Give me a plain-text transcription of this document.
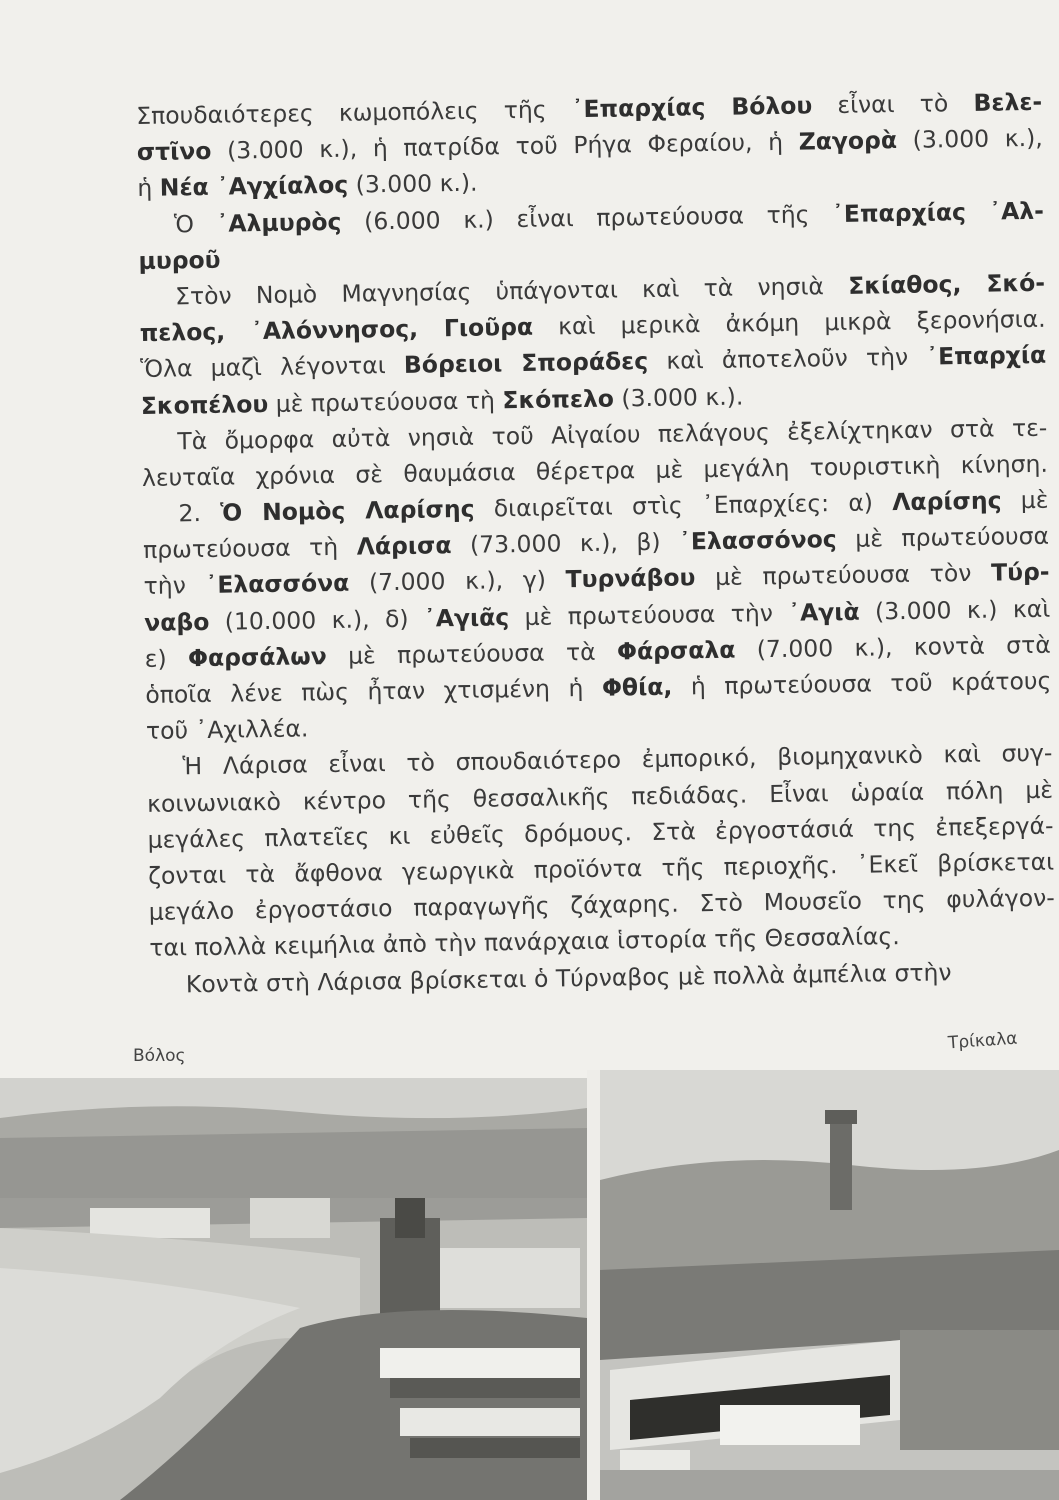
Σπουδαιότερες κωμοπόλεις τῆς ᾿Επαρχίας Βόλου εἶναι τὸ Βελε-
στῖνο (3.000 κ.), ἡ πατρίδα τοῦ Ρήγα Φεραίου, ἡ Ζαγορὰ (3.000 κ.),
ἡ Νέα ᾿Αγχίαλος (3.000 κ.).
Ὁ ᾿Αλμυρὸς (6.000 κ.) εἶναι πρωτεύουσα τῆς ᾿Επαρχίας ᾿Αλ-
μυροῦ
Στὸν Νομὸ Μαγνησίας ὑπάγονται καὶ τὰ νησιὰ Σκίαθος, Σκό-
πελος, ᾿Αλόννησος, Γιοῦρα καὶ μερικὰ ἀκόμη μικρὰ ξερονήσια.
Ὅλα μαζὶ λέγονται Βόρειοι Σποράδες καὶ ἀποτελοῦν τὴν ᾿Επαρχία
Σκοπέλου μὲ πρωτεύουσα τὴ Σκόπελο (3.000 κ.).
Τὰ ὄμορφα αὐτὰ νησιὰ τοῦ Αἰγαίου πελάγους ἐξελίχτηκαν στὰ τε-
λευταῖα χρόνια σὲ θαυμάσια θέρετρα μὲ μεγάλη τουριστικὴ κίνηση.
2. Ὁ Νομὸς Λαρίσης διαιρεῖται στὶς ᾿Επαρχίες: α) Λαρίσης μὲ
πρωτεύουσα τὴ Λάρισα (73.000 κ.), β) ᾿Ελασσόνος μὲ πρωτεύουσα
τὴν ᾿Ελασσόνα (7.000 κ.), γ) Τυρνάβου μὲ πρωτεύουσα τὸν Τύρ-
ναβο (10.000 κ.), δ) ᾿Αγιᾶς μὲ πρωτεύουσα τὴν ᾿Αγιὰ (3.000 κ.) καὶ
ε) Φαρσάλων μὲ πρωτεύουσα τὰ Φάρσαλα (7.000 κ.), κοντὰ στὰ
ὁποῖα λένε πὼς ἦταν χτισμένη ἡ Φθία, ἡ πρωτεύουσα τοῦ κράτους
τοῦ ᾿Αχιλλέα.
Ἡ Λάρισα εἶναι τὸ σπουδαιότερο ἐμπορικό, βιομηχανικὸ καὶ συγ-
κοινωνιακὸ κέντρο τῆς θεσσαλικῆς πεδιάδας. Εἶναι ὡραία πόλη μὲ
μεγάλες πλατεῖες κι εὐθεῖς δρόμους. Στὰ ἐργοστάσιά της ἐπεξεργά-
ζονται τὰ ἄφθονα γεωργικὰ προϊόντα τῆς περιοχῆς. ᾿Εκεῖ βρίσκεται
μεγάλο ἐργοστάσιο παραγωγῆς ζάχαρης. Στὸ Μουσεῖο της φυλάγον-
ται πολλὰ κειμήλια ἀπὸ τὴν πανάρχαια ἱστορία τῆς Θεσσαλίας.
Κοντὰ στὴ Λάρισα βρίσκεται ὁ Τύρναβος μὲ πολλὰ ἀμπέλια στὴν
Βόλος
Τρίκαλα
